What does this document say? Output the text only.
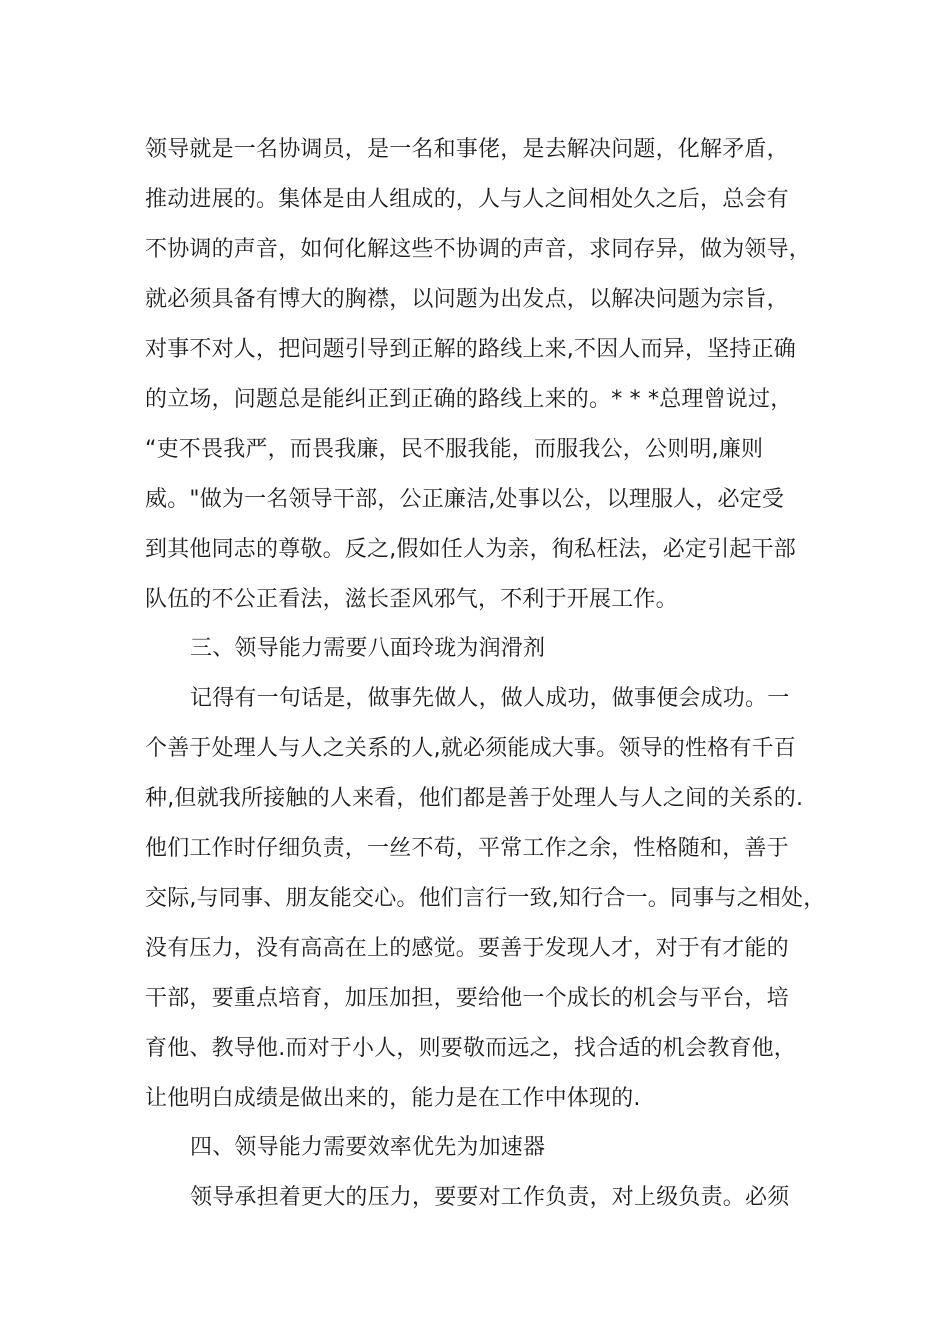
领导就是一名协调员，是一名和事佬，是去解决问题，化解矛盾，
推动进展的。集体是由人组成的，人与人之间相处久之后，总会有
不协调的声音，如何化解这些不协调的声音，求同存异，做为领导，
就必须具备有博大的胸襟，以问题为出发点，以解决问题为宗旨，
对事不对人，把问题引导到正解的路线上来,不因人而异，坚持正确
的立场，问题总是能纠正到正确的路线上来的。* * *总理曾说过，
“吏不畏我严，而畏我廉，民不服我能，而服我公，公则明,廉则
威。"做为一名领导干部，公正廉洁,处事以公，以理服人，必定受
到其他同志的尊敬。反之,假如任人为亲，徇私枉法，必定引起干部
队伍的不公正看法，滋长歪风邪气，不利于开展工作。
三、领导能力需要八面玲珑为润滑剂
记得有一句话是，做事先做人，做人成功，做事便会成功。一
个善于处理人与人之关系的人,就必须能成大事。领导的性格有千百
种,但就我所接触的人来看，他们都是善于处理人与人之间的关系的.
他们工作时仔细负责，一丝不苟，平常工作之余，性格随和，善于
交际,与同事、朋友能交心。他们言行一致,知行合一。同事与之相处，
没有压力，没有高高在上的感觉。要善于发现人才，对于有才能的
干部，要重点培育，加压加担，要给他一个成长的机会与平台，培
育他、教导他.而对于小人，则要敬而远之，找合适的机会教育他，
让他明白成绩是做出来的，能力是在工作中体现的.
四、领导能力需要效率优先为加速器
领导承担着更大的压力，要要对工作负责，对上级负责。必须
